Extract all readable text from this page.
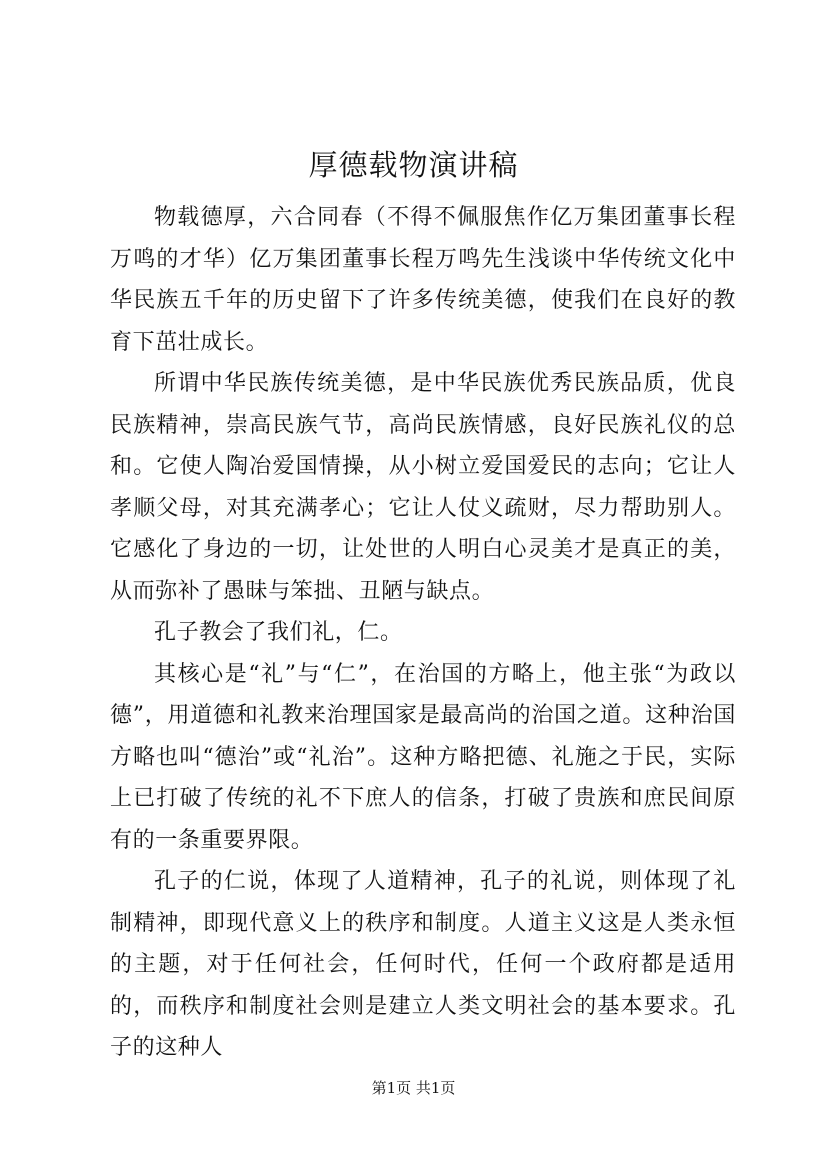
厚德载物演讲稿

物载德厚，六合同春（不得不佩服焦作亿万集团董事长程万鸣的才华）亿万集团董事长程万鸣先生浅谈中华传统文化中华民族五千年的历史留下了许多传统美德，使我们在良好的教育下茁壮成长。

所谓中华民族传统美德，是中华民族优秀民族品质，优良民族精神，崇高民族气节，高尚民族情感，良好民族礼仪的总和。它使人陶冶爱国情操，从小树立爱国爱民的志向；它让人孝顺父母，对其充满孝心；它让人仗义疏财，尽力帮助别人。它感化了身边的一切，让处世的人明白心灵美才是真正的美，从而弥补了愚昧与笨拙、丑陋与缺点。

孔子教会了我们礼，仁。

其核心是“礼”与“仁”，在治国的方略上，他主张“为政以德”，用道德和礼教来治理国家是最高尚的治国之道。这种治国方略也叫“德治”或“礼治”。这种方略把德、礼施之于民，实际上已打破了传统的礼不下庶人的信条，打破了贵族和庶民间原有的一条重要界限。

孔子的仁说，体现了人道精神，孔子的礼说，则体现了礼制精神，即现代意义上的秩序和制度。人道主义这是人类永恒的主题，对于任何社会，任何时代，任何一个政府都是适用的，而秩序和制度社会则是建立人类文明社会的基本要求。孔子的这种人

第1页 共1页
